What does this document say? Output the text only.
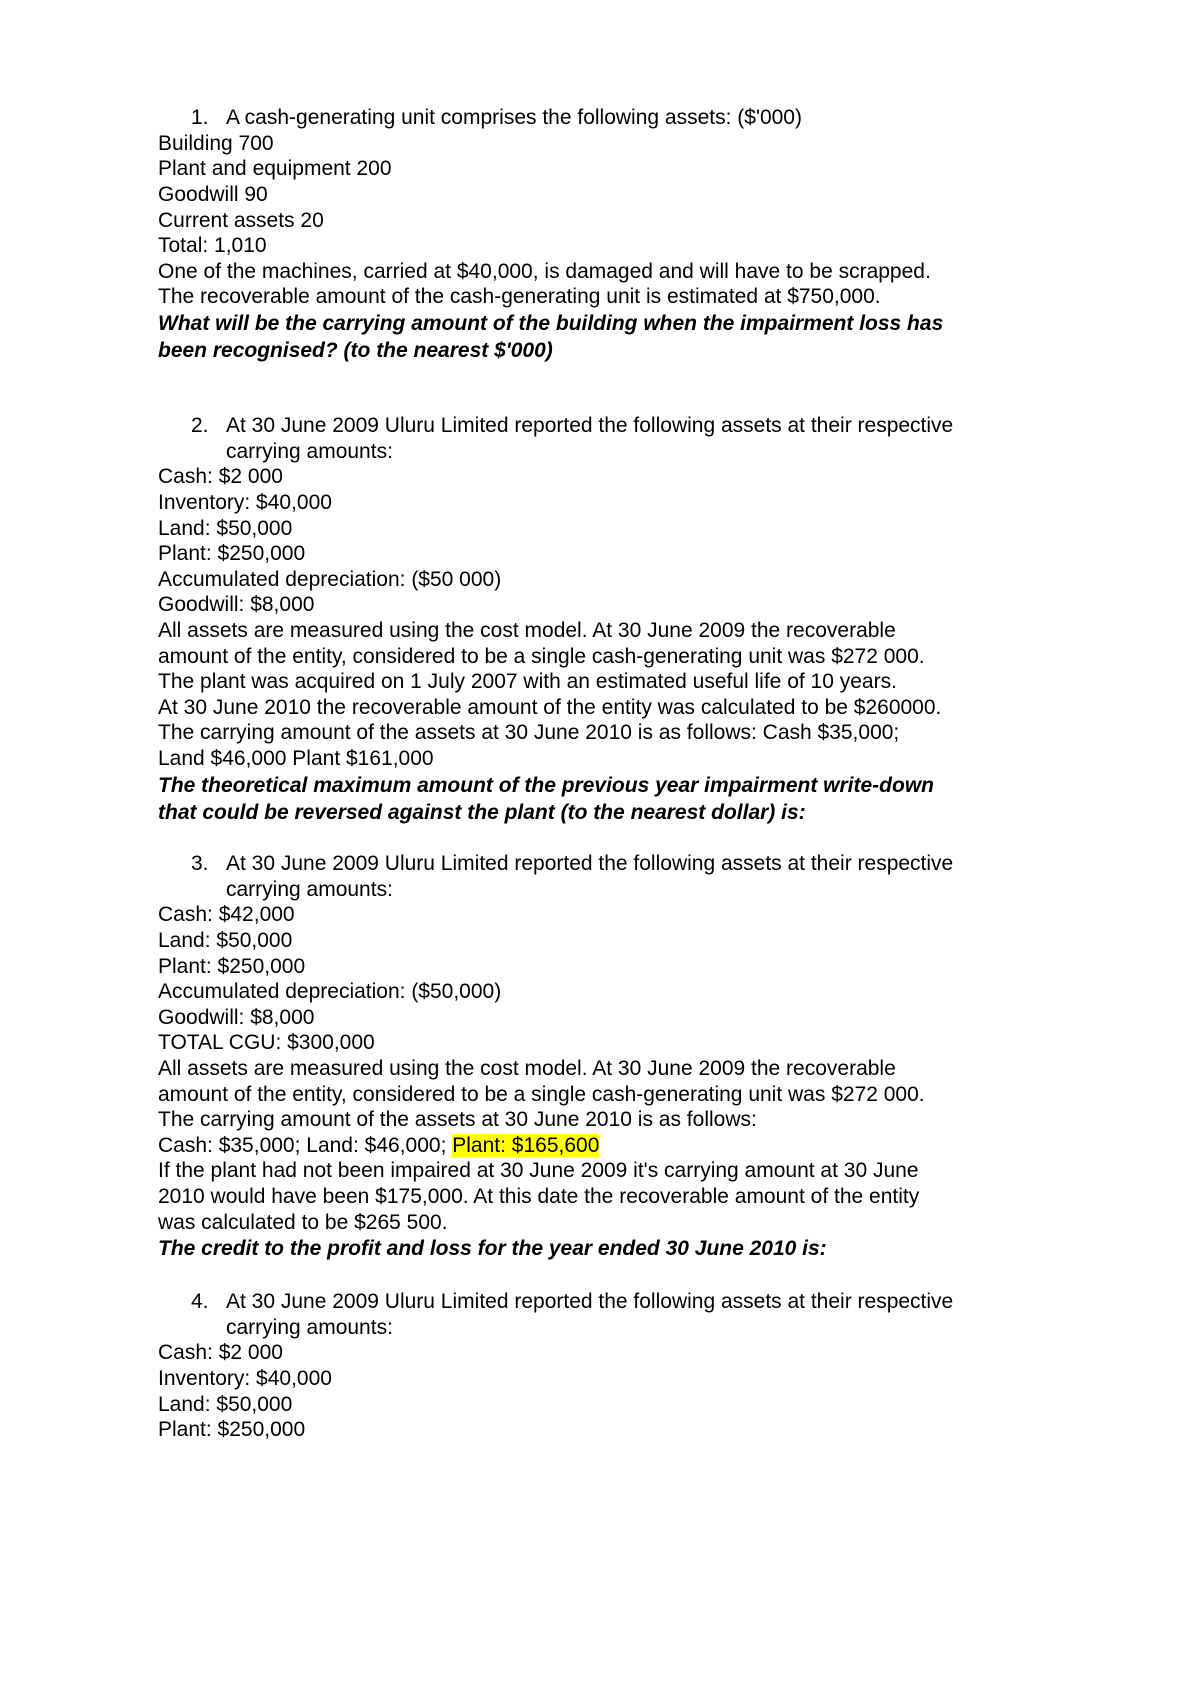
1. A cash-generating unit comprises the following assets: ($'000)
Building 700
Plant and equipment 200
Goodwill 90
Current assets 20
Total: 1,010
One of the machines, carried at $40,000, is damaged and will have to be scrapped.
The recoverable amount of the cash-generating unit is estimated at $750,000.
What will be the carrying amount of the building when the impairment loss has
been recognised? (to the nearest $'000)
2. At 30 June 2009 Uluru Limited reported the following assets at their respective
carrying amounts:
Cash: $2 000
Inventory: $40,000
Land: $50,000
Plant: $250,000
Accumulated depreciation: ($50 000)
Goodwill: $8,000
All assets are measured using the cost model. At 30 June 2009 the recoverable
amount of the entity, considered to be a single cash-generating unit was $272 000.
The plant was acquired on 1 July 2007 with an estimated useful life of 10 years.
At 30 June 2010 the recoverable amount of the entity was calculated to be $260000.
The carrying amount of the assets at 30 June 2010 is as follows: Cash $35,000;
Land $46,000 Plant $161,000
The theoretical maximum amount of the previous year impairment write-down
that could be reversed against the plant (to the nearest dollar) is:
3. At 30 June 2009 Uluru Limited reported the following assets at their respective
carrying amounts:
Cash: $42,000
Land: $50,000
Plant: $250,000
Accumulated depreciation: ($50,000)
Goodwill: $8,000
TOTAL CGU: $300,000
All assets are measured using the cost model. At 30 June 2009 the recoverable
amount of the entity, considered to be a single cash-generating unit was $272 000.
The carrying amount of the assets at 30 June 2010 is as follows:
Cash: $35,000; Land: $46,000; Plant: $165,600
If the plant had not been impaired at 30 June 2009 it's carrying amount at 30 June
2010 would have been $175,000. At this date the recoverable amount of the entity
was calculated to be $265 500.
The credit to the profit and loss for the year ended 30 June 2010 is:
4. At 30 June 2009 Uluru Limited reported the following assets at their respective
carrying amounts:
Cash: $2 000
Inventory: $40,000
Land: $50,000
Plant: $250,000
